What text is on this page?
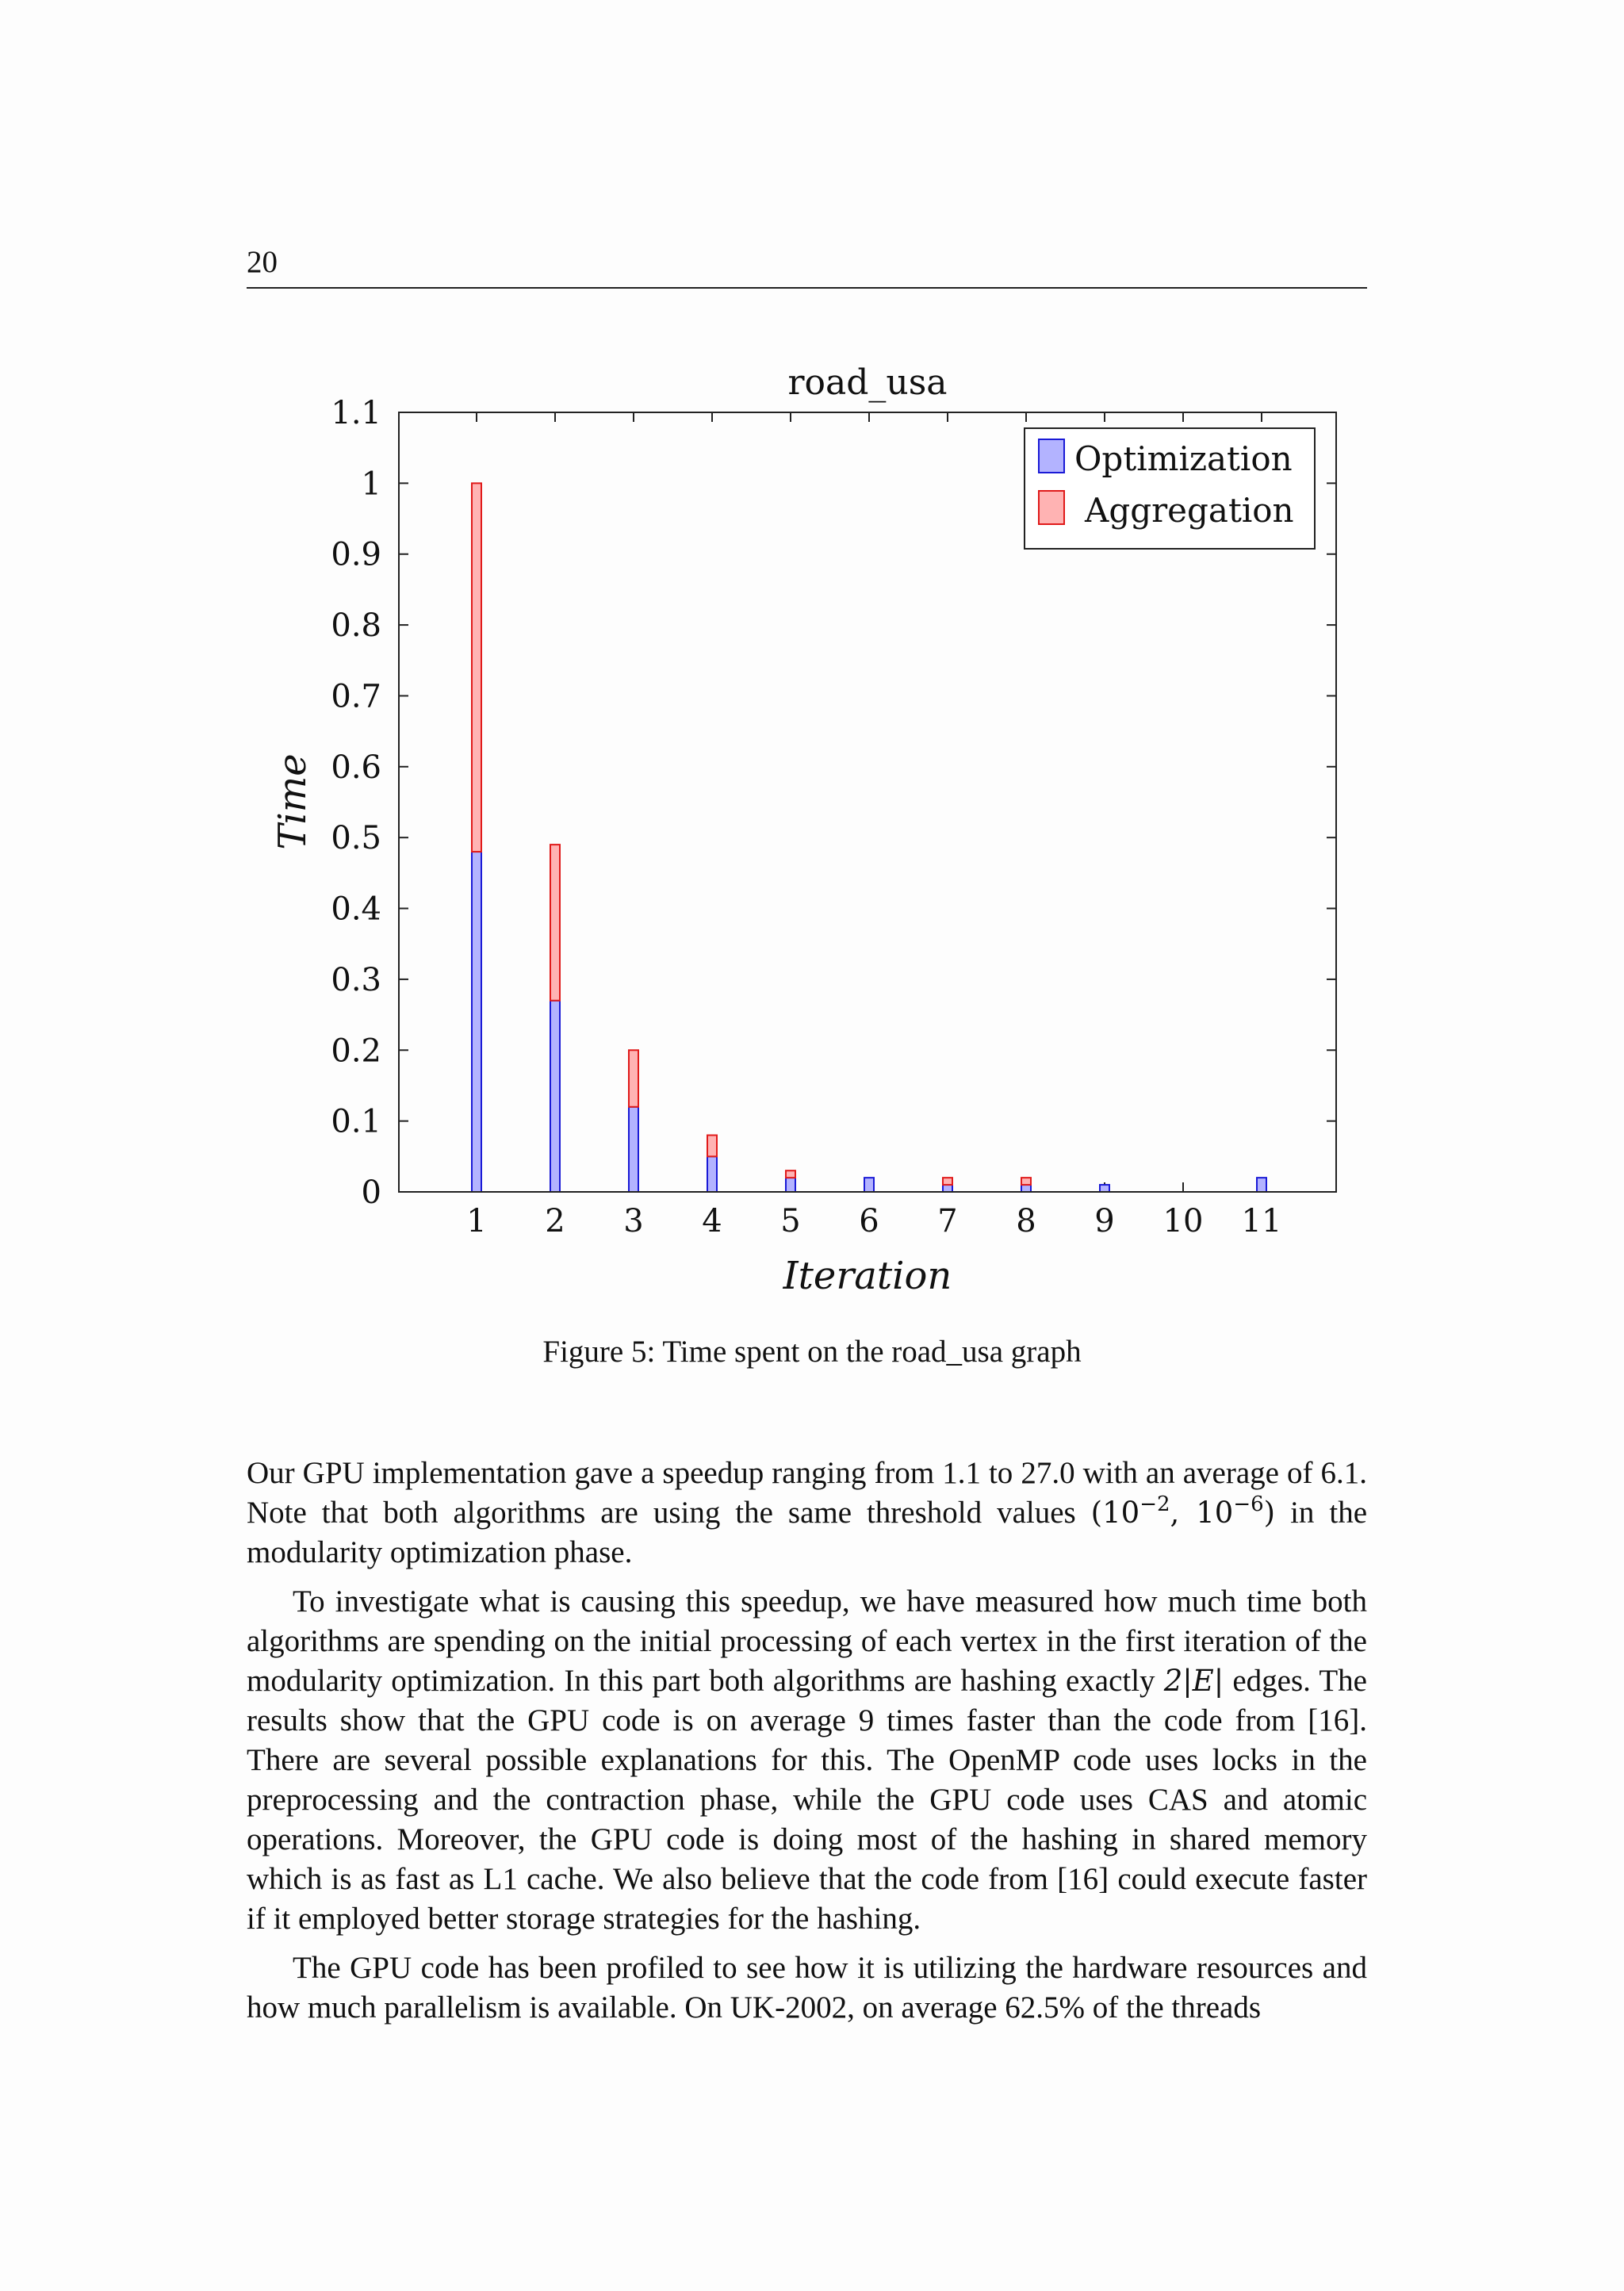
20
0
0.1
0.2
0.3
0.4
0.5
0.6
0.7
0.8
0.9
1
1.1
1 2 3 4 5 6 7 8 9 10 11
road_usa
Iteration
Time
Optimization
Aggregation
Figure 5: Time spent on the road_usa graph

Our GPU implementation gave a speedup ranging from 1.1 to 27.0 with an average of 6.1. Note that both algorithms are using the same threshold values ($10^{-2}$, $10^{-6}$) in the modularity optimization phase.

To investigate what is causing this speedup, we have measured how much time both algorithms are spending on the initial processing of each vertex in the first iteration of the modularity optimization. In this part both algorithms are hashing exactly 2|E| edges. The results show that the GPU code is on average 9 times faster than the code from [16]. There are several possible explanations for this. The OpenMP code uses locks in the preprocessing and the contraction phase, while the GPU code uses CAS and atomic operations. Moreover, the GPU code is doing most of the hashing in shared memory which is as fast as L1 cache. We also believe that the code from [16] could execute faster if it employed better storage strategies for the hashing.

The GPU code has been profiled to see how it is utilizing the hardware resources and how much parallelism is available. On UK-2002, on average 62.5% of the threads
